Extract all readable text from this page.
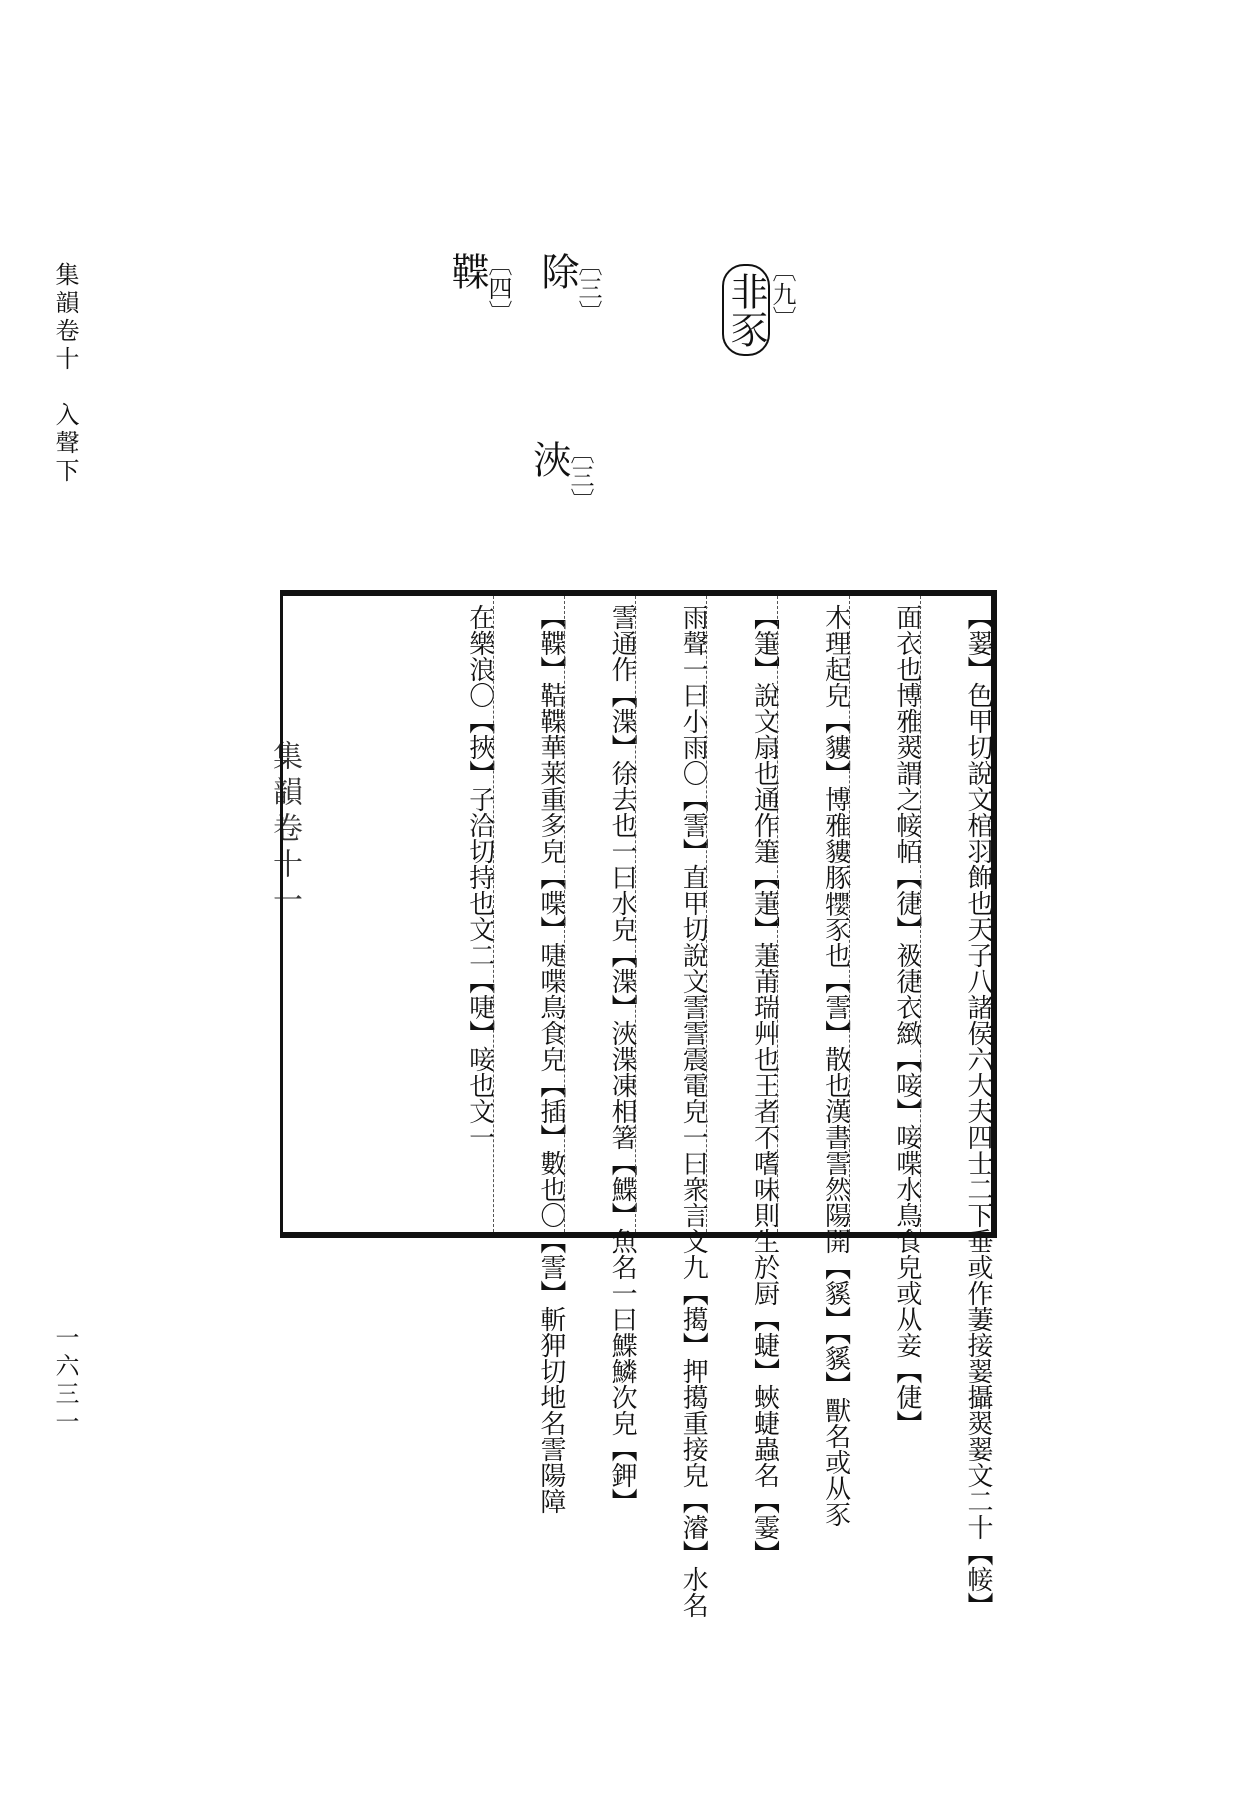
集韻卷十　入聲下
一六三一
〔九〕
非豕
〔三〕
除
〔三〕
浹
〔四〕
鞢
集韻卷十一	【翣】色甲切說文棺羽飾也天子八諸侯六大夫四士二下垂或作萋接翣攝翜翣文二十【帹】
面衣也博雅翜謂之帹帞【徢】衱徢衣緻【唼】唼喋水鳥食皃或从妾【倢】
木理起皃【貗】博雅貗豚𤜉豕也【霅】散也漢書霅然陽開【貕】【貕】獸名或从豕
【箑】說文扇也通作箑【萐】萐莆瑞艸也王者不嗜味則生於厨【蜨】蛺蜨蟲名【霎】
雨聲一曰小雨〇【霅】直甲切說文霅霅震電皃一曰衆言文九【擖】押擖重接皃【濬】水名
霅通作【渫】徐去也一曰水皃【渫】浹渫凍相箸【鰈】魚名一曰鰈鱗次皃【鉀】
【鞢】鞊鞢華莱重多皃【喋】啑喋鳥食皃【插】數也〇【霅】斬狎切地名霅陽障
在樂浪〇【挾】子洽切持也文二【啑】唼也文一
